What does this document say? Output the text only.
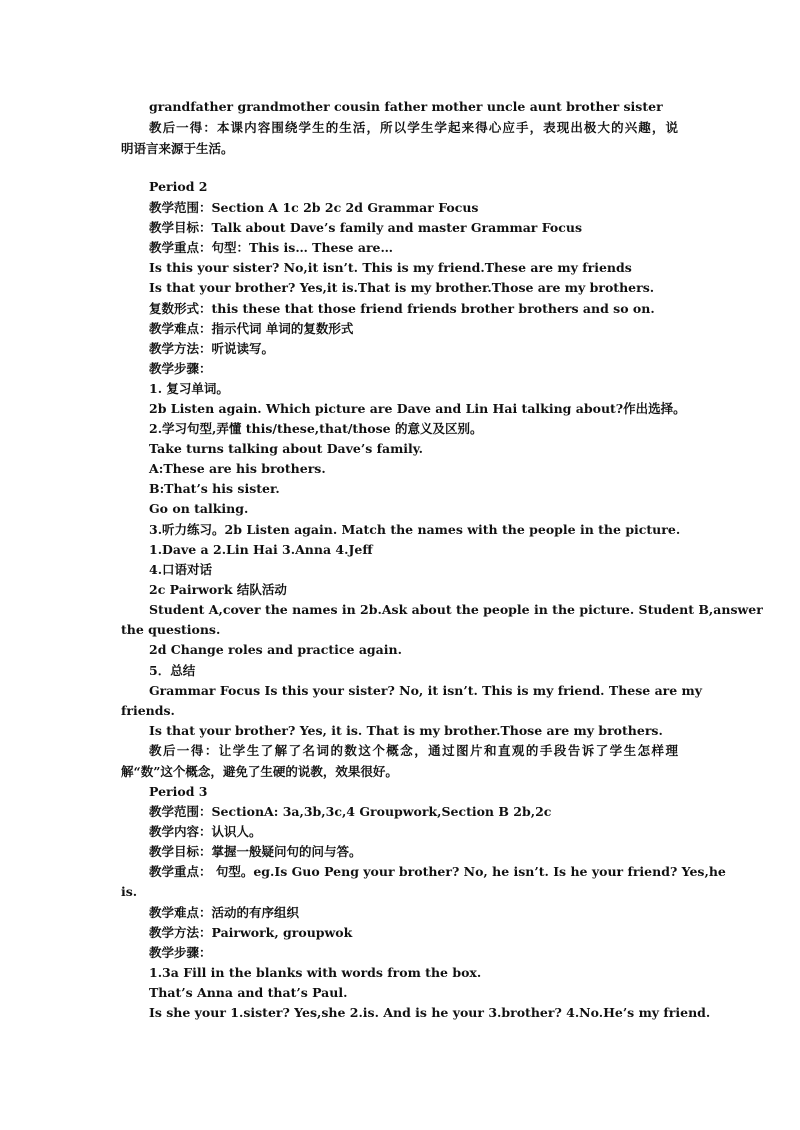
grandfather grandmother cousin father mother uncle aunt brother sister
教后一得：本课内容围绕学生的生活，所以学生学起来得心应手，表现出极大的兴趣，说
明语言来源于生活。
Period 2
教学范围：Section A 1c 2b 2c 2d Grammar Focus
教学目标：Talk about Dave’s family and master Grammar Focus
教学重点：句型：This is… These are…
Is this your sister? No,it isn’t. This is my friend.These are my friends
Is that your brother? Yes,it is.That is my brother.Those are my brothers.
复数形式：this these that those friend friends brother brothers and so on.
教学难点：指示代词 单词的复数形式
教学方法：听说读写。
教学步骤：
1. 复习单词。
2b Listen again. Which picture are Dave and Lin Hai talking about?作出选择。
2.学习句型,弄懂 this/these,that/those 的意义及区别。
Take turns talking about Dave’s family.
A:These are his brothers.
B:That’s his sister.
Go on talking.
3.听力练习。2b Listen again. Match the names with the people in the picture.
1.Dave a 2.Lin Hai 3.Anna 4.Jeff
4.口语对话
2c Pairwork 结队活动
Student A,cover the names in 2b.Ask about the people in the picture. Student B,answer
the questions.
2d Change roles and practice again.
5．总结
Grammar Focus Is this your sister? No, it isn’t. This is my friend. These are my
friends.
Is that your brother? Yes, it is. That is my brother.Those are my brothers.
教后一得：让学生了解了名词的数这个概念，通过图片和直观的手段告诉了学生怎样理
解“数”这个概念，避免了生硬的说教，效果很好。
Period 3
教学范围：SectionA: 3a,3b,3c,4 Groupwork,Section B 2b,2c
教学内容：认识人。
教学目标：掌握一般疑问句的问与答。
教学重点： 句型。eg.Is Guo Peng your brother? No, he isn’t. Is he your friend? Yes,he
is.
教学难点：活动的有序组织
教学方法：Pairwork, groupwok
教学步骤：
1.3a Fill in the blanks with words from the box.
That’s Anna and that’s Paul.
Is she your 1.sister? Yes,she 2.is. And is he your 3.brother? 4.No.He’s my friend.
